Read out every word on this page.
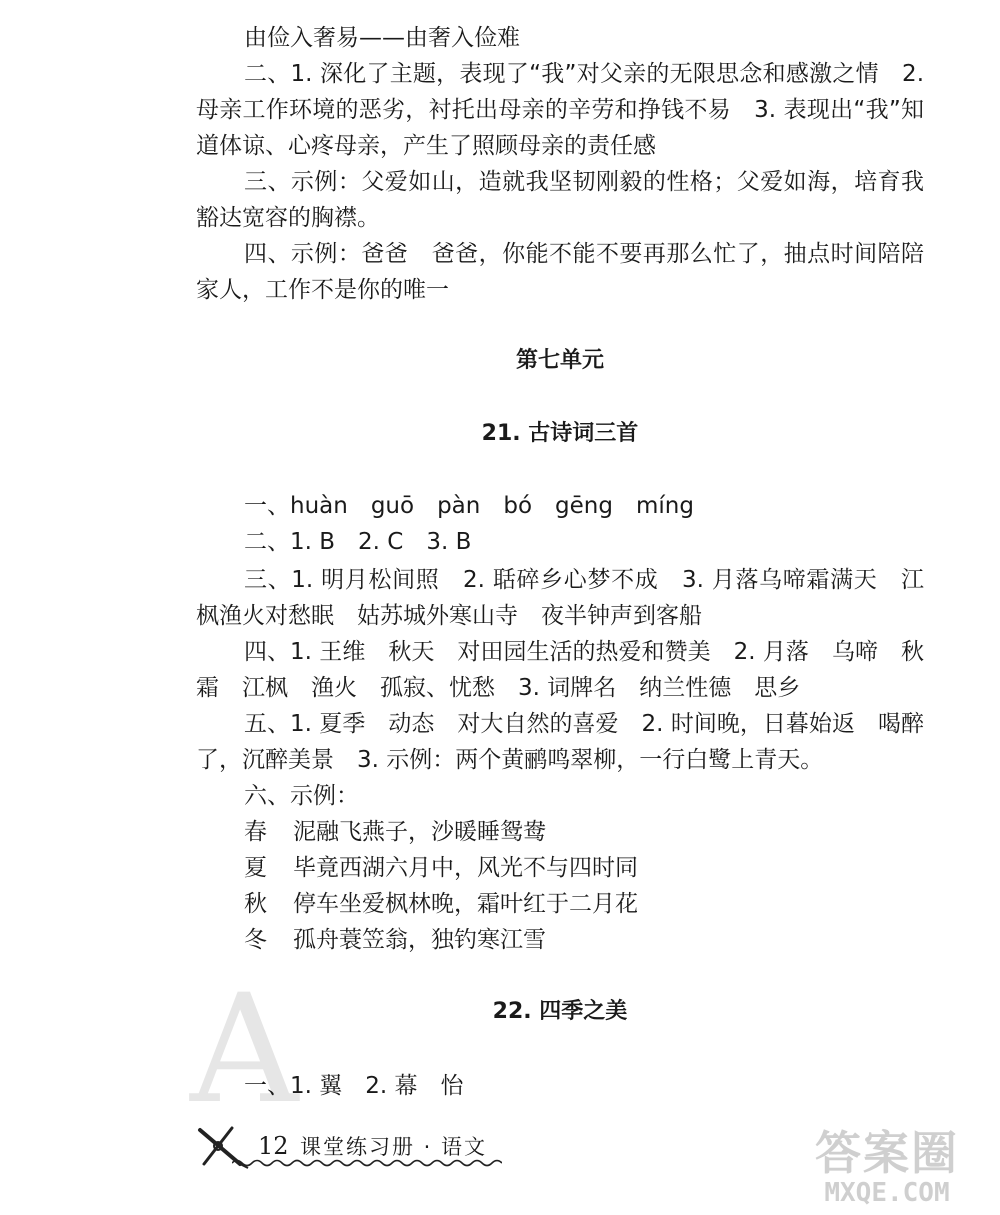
由俭入奢易——由奢入俭难

二、1. 深化了主题，表现了“我”对父亲的无限思念和感激之情　2. 母亲工作环境的恶劣，衬托出母亲的辛劳和挣钱不易　3. 表现出“我”知道体谅、心疼母亲，产生了照顾母亲的责任感

三、示例：父爱如山，造就我坚韧刚毅的性格；父爱如海，培育我豁达宽容的胸襟。

四、示例：爸爸　爸爸，你能不能不要再那么忙了，抽点时间陪陪家人，工作不是你的唯一

第七单元

21. 古诗词三首

一、huàn　guō　pàn　bó　gēng　míng

二、1. B　2. C　3. B

三、1. 明月松间照　2. 聒碎乡心梦不成　3. 月落乌啼霜满天　江枫渔火对愁眠　姑苏城外寒山寺　夜半钟声到客船

四、1. 王维　秋天　对田园生活的热爱和赞美　2. 月落　乌啼　秋霜　江枫　渔火　孤寂、忧愁　3. 词牌名　纳兰性德　思乡

五、1. 夏季　动态　对大自然的喜爱　2. 时间晚，日暮始返　喝醉了，沉醉美景　3. 示例：两个黄鹂鸣翠柳，一行白鹭上青天。

六、示例：

春 泥融飞燕子，沙暖睡鸳鸯

夏 毕竟西湖六月中，风光不与四时同

秋 停车坐爱枫林晚，霜叶红于二月花

冬 孤舟蓑笠翁，独钓寒江雪

A	22. 四季之美

一、1. 翼　2. 幕　怡

12 课堂练习册 · 语文	答案圈
MXQE.COM
